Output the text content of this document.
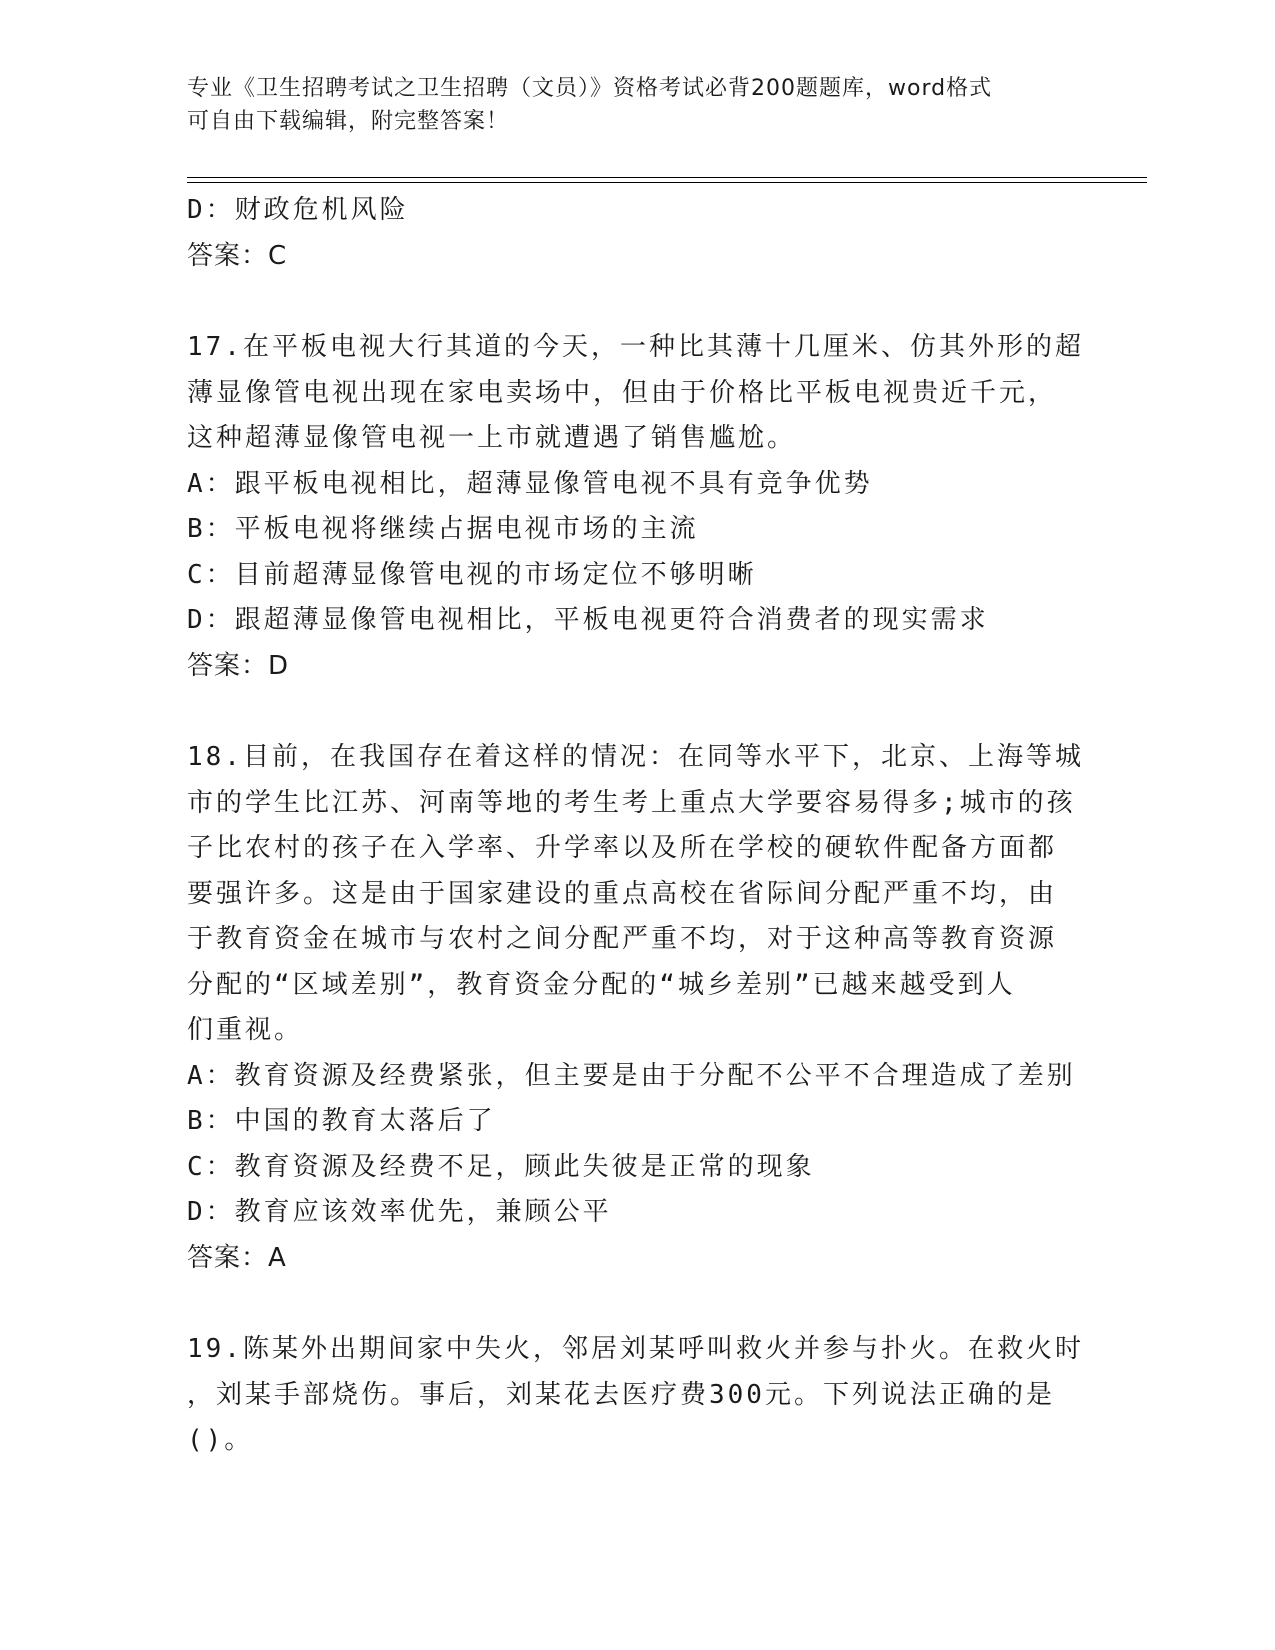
专业《卫生招聘考试之卫生招聘（文员）》资格考试必背200题题库，word格式
可自由下载编辑，附完整答案！

D：财政危机风险

答案：C

17.在平板电视大行其道的今天，一种比其薄十几厘米、仿其外形的超

薄显像管电视出现在家电卖场中，但由于价格比平板电视贵近千元，

这种超薄显像管电视一上市就遭遇了销售尴尬。

A：跟平板电视相比，超薄显像管电视不具有竞争优势

B：平板电视将继续占据电视市场的主流

C：目前超薄显像管电视的市场定位不够明晰

D：跟超薄显像管电视相比，平板电视更符合消费者的现实需求

答案：D

18.目前，在我国存在着这样的情况：在同等水平下，北京、上海等城

市的学生比江苏、河南等地的考生考上重点大学要容易得多;城市的孩

子比农村的孩子在入学率、升学率以及所在学校的硬软件配备方面都

要强许多。这是由于国家建设的重点高校在省际间分配严重不均，由

于教育资金在城市与农村之间分配严重不均，对于这种高等教育资源

分配的“区域差别”，教育资金分配的“城乡差别”已越来越受到人

们重视。

A：教育资源及经费紧张，但主要是由于分配不公平不合理造成了差别

B：中国的教育太落后了

C：教育资源及经费不足，顾此失彼是正常的现象

D：教育应该效率优先，兼顾公平

答案：A

19.陈某外出期间家中失火，邻居刘某呼叫救火并参与扑火。在救火时

，刘某手部烧伤。事后，刘某花去医疗费300元。下列说法正确的是

()。
